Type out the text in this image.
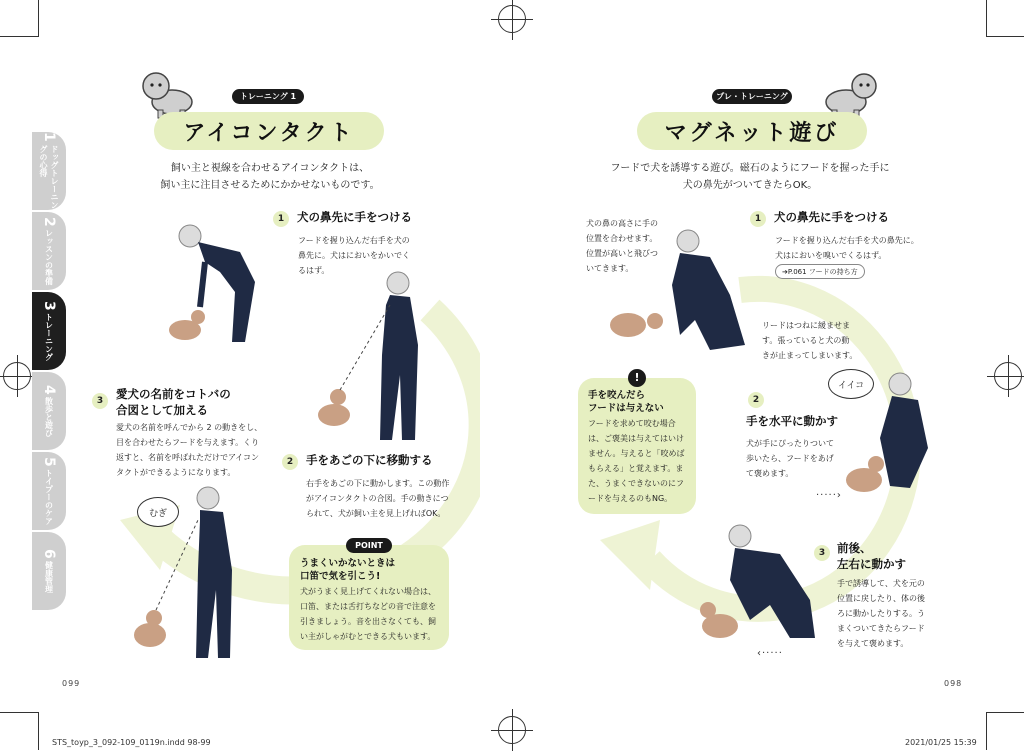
1
ドッグトレーニングの心得
2
レッスンの準備
3
トレーニング
4
散歩と遊び
5
トイプーのケア
6
健康管理
アイコンタクト
トレーニング 1
飼い主と視線を合わせるアイコンタクトは、
飼い主に注目させるためにかかせないものです。
1 犬の鼻先に手をつける
フードを握り込んだ右手を犬の
鼻先に。犬はにおいをかいでく
るはず。
3 愛犬の名前をコトバの
合図として加える
愛犬の名前を呼んでから 2 の動きをし、
目を合わせたらフードを与えます。くり
返すと、名前を呼ばれただけでアイコン
タクトができるようになります。
2 手をあごの下に移動する
右手をあごの下に動かします。この動作
がアイコンタクトの合図。手の動きにつ
られて、犬が飼い主を見上げればOK。
むぎ
POINT
うまくいかないときは
口笛で気を引こう!
犬がうまく見上げてくれない場合は、
口笛、または舌打ちなどの音で注意を
引きましょう。音を出さなくても、飼
い主がしゃがむとできる犬もいます。
099
マグネット遊び
プレ・トレーニング
フードで犬を誘導する遊び。磁石のようにフードを握った手に
犬の鼻先がついてきたらOK。
犬の鼻の高さに手の
位置を合わせます。
位置が高いと飛びつ
いてきます。
1 犬の鼻先に手をつける
フードを握り込んだ右手を犬の鼻先に。
犬はにおいを嗅いでくるはず。
➔P.061 フードの持ち方
リードはつねに緩ませま
す。張っていると犬の動
きが止まってしまいます。
!
手を咬んだら
フードは与えない
フードを求めて咬む場合
は、ご褒美は与えてはいけ
ません。与えると「咬めば
もらえる」と覚えます。ま
た、うまくできないのにフ
ードを与えるのもNG。
イイコ
2
手を水平に動かす
犬が手にぴったりついて
歩いたら、フードをあげ
て褒めます。
·····›
3 前後、
左右に動かす
手で誘導して、犬を元の
位置に戻したり、体の後
ろに動かしたりする。う
まくついてきたらフード
を与えて褒めます。
‹·····
098
STS_toyp_3_092-109_0119n.indd 98-99	2021/01/25 15:39
